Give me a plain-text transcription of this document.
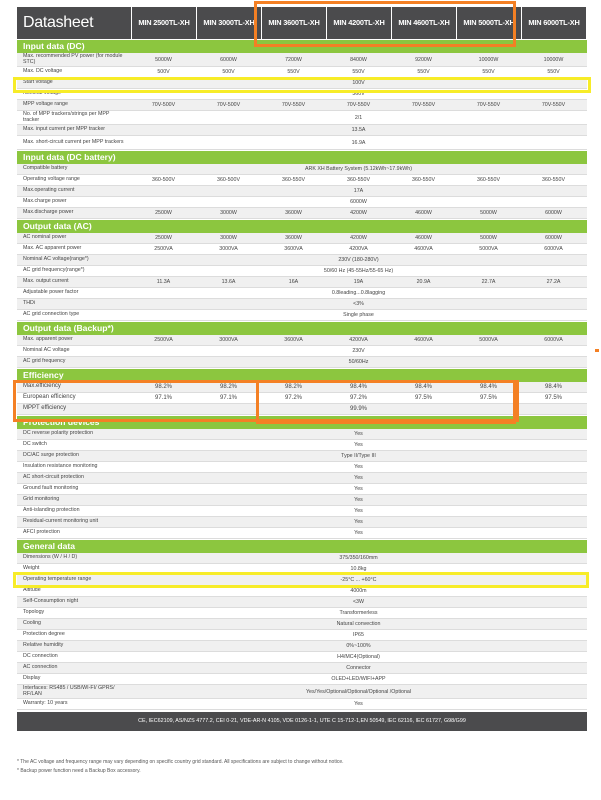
Datasheet	MIN 2500TL-XH	MIN 3000TL-XH	MIN 3600TL-XH	MIN 4200TL-XH	MIN 4600TL-XH	MIN 5000TL-XH	MIN 6000TL-XH
Input data (DC)
Max. recommended PV power (for module STC)	5000W	6000W	7200W	8400W	9200W	10000W	10000W
Max. DC voltage	500V	500V	550V	550V	550V	550V	550V
Start voltage	100V
Nominal voltage	360V
MPP voltage range	70V-500V	70V-500V	70V-550V	70V-550V	70V-550V	70V-550V	70V-550V
No. of MPP trackers/strings per MPP tracker	2/1
Max. input current per MPP tracker	13.5A
Max. short-circuit current per MPP trackers	16.9A
Input data (DC battery)
Compatible battery	ARK XH Battery System (5.12kWh~17.9kWh)
Operating voltage range	360-500V	360-500V	360-550V	360-550V	360-550V	360-550V	360-550V
Max.operating current	17A
Max.charge power	6000W
Max.discharge power	2500W	3000W	3600W	4200W	4600W	5000W	6000W
Output data (AC)
AC nominal power	2500W	3000W	3600W	4200W	4600W	5000W	6000W
Max. AC apparent power	2500VA	3000VA	3600VA	4200VA	4600VA	5000VA	6000VA
Nominal AC voltage(range*)	230V (180-280V)
AC grid frequency(range*)	50/60 Hz (45-55Hz/55-65 Hz)
Max. output current	11.3A	13.6A	16A	19A	20.9A	22.7A	27.2A
Adjustable power factor	0.8leading...0.8lagging
THDi	<3%
AC grid connection type	Single phase
Output data (Backup*)
Max. apparent power	2500VA	3000VA	3600VA	4200VA	4600VA	5000VA	6000VA
Nominal AC voltage	230V
AC grid frequency	50/60Hz
Efficiency
Max.efficiency	98.2%	98.2%	98.2%	98.4%	98.4%	98.4%	98.4%
European efficiency	97.1%	97.1%	97.2%	97.2%	97.5%	97.5%	97.5%
MPPT efficiency	99.9%
Protection devices
DC reverse polarity protection	Yes
DC switch	Yes
DC/AC surge protection	Type II/Type III
Insulation resistance monitoring	Yes
AC short-circuit protection	Yes
Ground fault monitoring	Yes
Grid monitoring	Yes
Anti-islanding protection	Yes
Residual-current monitoring unit	Yes
AFCI protection	Yes
General data
Dimensions (W / H / D)	375/350/160mm
Weight	10.8kg
Operating temperature range	-25°C ... +60°C
Altitude	4000m
Self-Consumption night	<3W
Topology	Transformerless
Cooling	Natural convection
Protection degree	IP65
Relative humidity	0%~100%
DC connection	H4/MC4(Optional)
AC connection	Connector
Display	OLED+LED/WIFI+APP
Interfaces: RS485 / USB/WI-FI/ GPRS/ RF/LAN	Yes/Yes/Optional/Optional/Optional /Optional
Warranty: 10 years	Yes
CE, IEC62109, AS/NZS 4777.2, CEI 0-21, VDE-AR-N 4105, VDE 0126-1-1, UTE C 15-712-1,EN 50549, IEC 62116, IEC 61727, G98/G99

* The AC voltage and frequency range may vary depending on specific country grid standard. All specifications are subject to change without notice.

* Backup power function need a Backup Box accessory.
